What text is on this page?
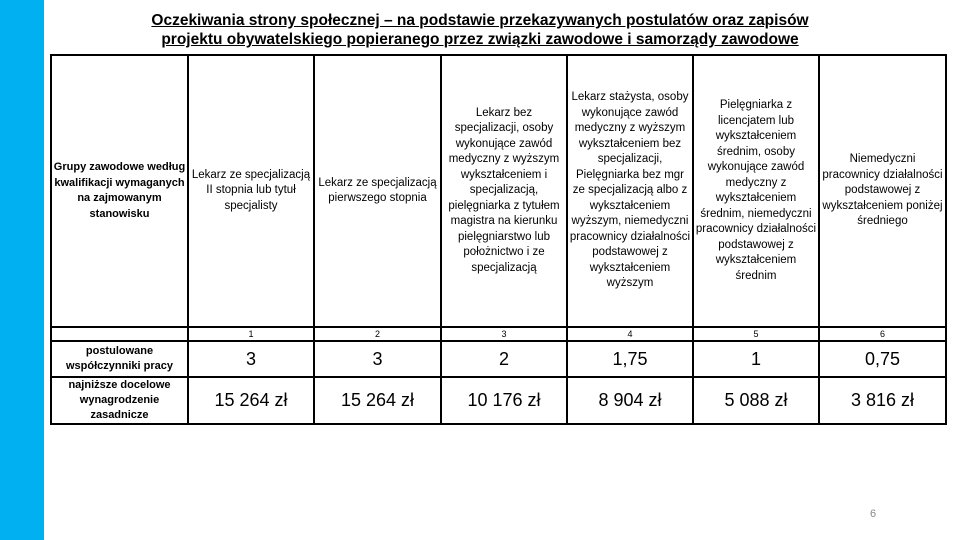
Oczekiwania strony społecznej – na podstawie przekazywanych postulatów oraz zapisów
projektu obywatelskiego popieranego przez związki zawodowe i samorządy zawodowe
Grupy zawodowe według kwalifikacji wymaganych na zajmowanym stanowisku	Lekarz ze specjalizacją II stopnia lub tytuł specjalisty	Lekarz ze specjalizacją pierwszego stopnia	Lekarz bez specjalizacji, osoby wykonujące zawód medyczny z wyższym wykształceniem i specjalizacją, pielęgniarka z tytułem magistra na kierunku pielęgniarstwo lub położnictwo i ze specjalizacją	Lekarz stażysta, osoby wykonujące zawód medyczny z wyższym wykształceniem bez specjalizacji, Pielęgniarka bez mgr ze specjalizacją albo z wykształceniem wyższym, niemedyczni pracownicy działalności podstawowej z wykształceniem wyższym	Pielęgniarka z licencjatem lub wykształceniem średnim, osoby wykonujące zawód medyczny z wykształceniem średnim, niemedyczni pracownicy działalności podstawowej z wykształceniem średnim	Niemedyczni pracownicy działalności podstawowej z wykształceniem poniżej średniego
	1	2	3	4	5	6
postulowane współczynniki pracy	3	3	2	1,75	1	0,75
najniższe docelowe wynagrodzenie zasadnicze	15 264 zł	15 264 zł	10 176 zł	8 904 zł	5 088 zł	3 816 zł
6
